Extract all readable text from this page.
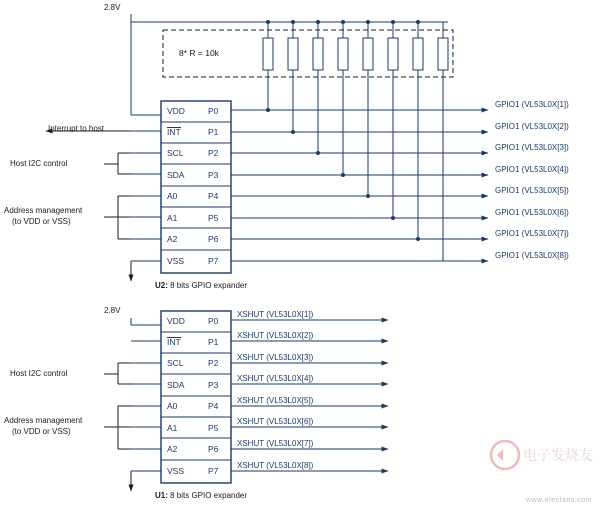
电子发烧友
2.8V
8* R = 10k
Interrupt to host
Host I2C control
Address management
(to VDD or VSS)
VDD
INT
SCL
SDA
A0
A1
A2
VSS
P0
P1
P2
P3
P4
P5
P6
P7
GPIO1 (VL53L0X[1])
GPIO1 (VL53L0X[2])
GPIO1 (VL53L0X[3])
GPIO1 (VL53L0X[4])
GPIO1 (VL53L0X[5])
GPIO1 (VL53L0X[6])
GPIO1 (VL53L0X[7])
GPIO1 (VL53L0X[8])
U2: 8 bits GPIO expander
2.8V
Host I2C control
Address management
(to VDD or VSS)
VDD
INT
SCL
SDA
A0
A1
A2
VSS
P0
P1
P2
P3
P4
P5
P6
P7
XSHUT (VL53L0X[1])
XSHUT (VL53L0X[2])
XSHUT (VL53L0X[3])
XSHUT (VL53L0X[4])
XSHUT (VL53L0X[5])
XSHUT (VL53L0X[6])
XSHUT (VL53L0X[7])
XSHUT (VL53L0X[8])
U1: 8 bits GPIO expander
www.elecfans.com
